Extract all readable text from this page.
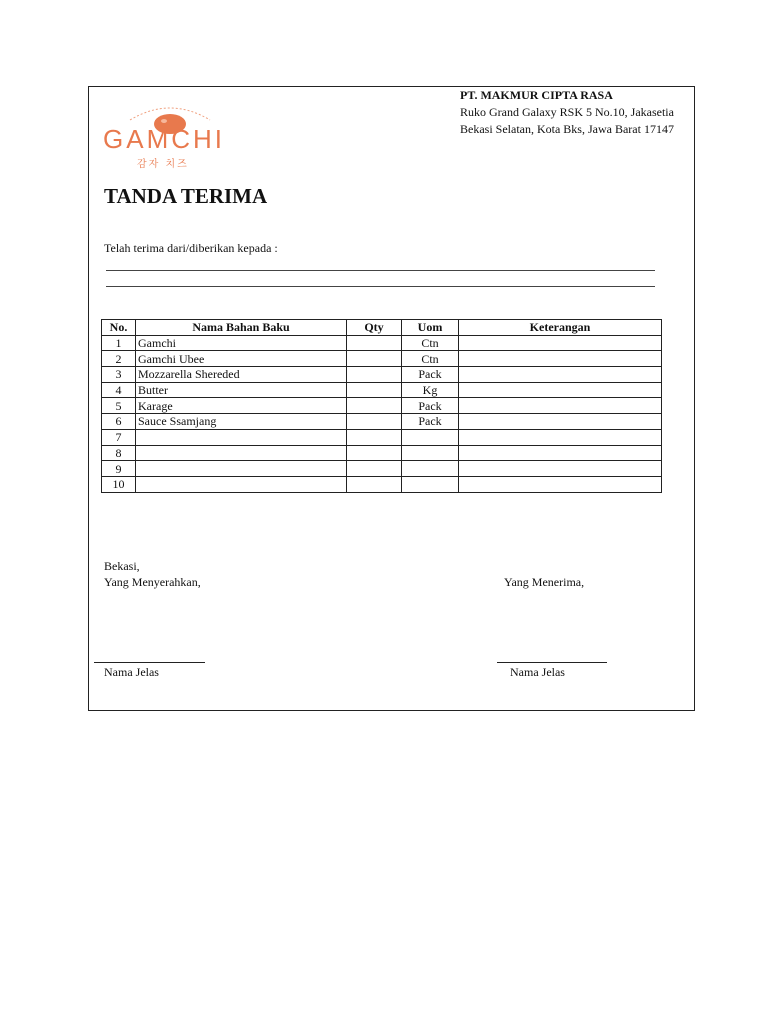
GAMCHI
감자 치즈
PT. MAKMUR CIPTA RASA
Ruko Grand Galaxy RSK 5 No.10, Jakasetia
Bekasi Selatan, Kota Bks, Jawa Barat 17147
TANDA TERIMA
Telah terima dari/diberikan kepada :
No.	Nama Bahan Baku	Qty	Uom	Keterangan
1	Gamchi		Ctn	
2	Gamchi Ubee		Ctn	
3	Mozzarella Shereded		Pack	
4	Butter		Kg	
5	Karage		Pack	
6	Sauce Ssamjang		Pack	
7				
8				
9				
10				
Bekasi,
Yang Menyerahkan,	Yang Menerima,
Nama Jelas	Nama Jelas
